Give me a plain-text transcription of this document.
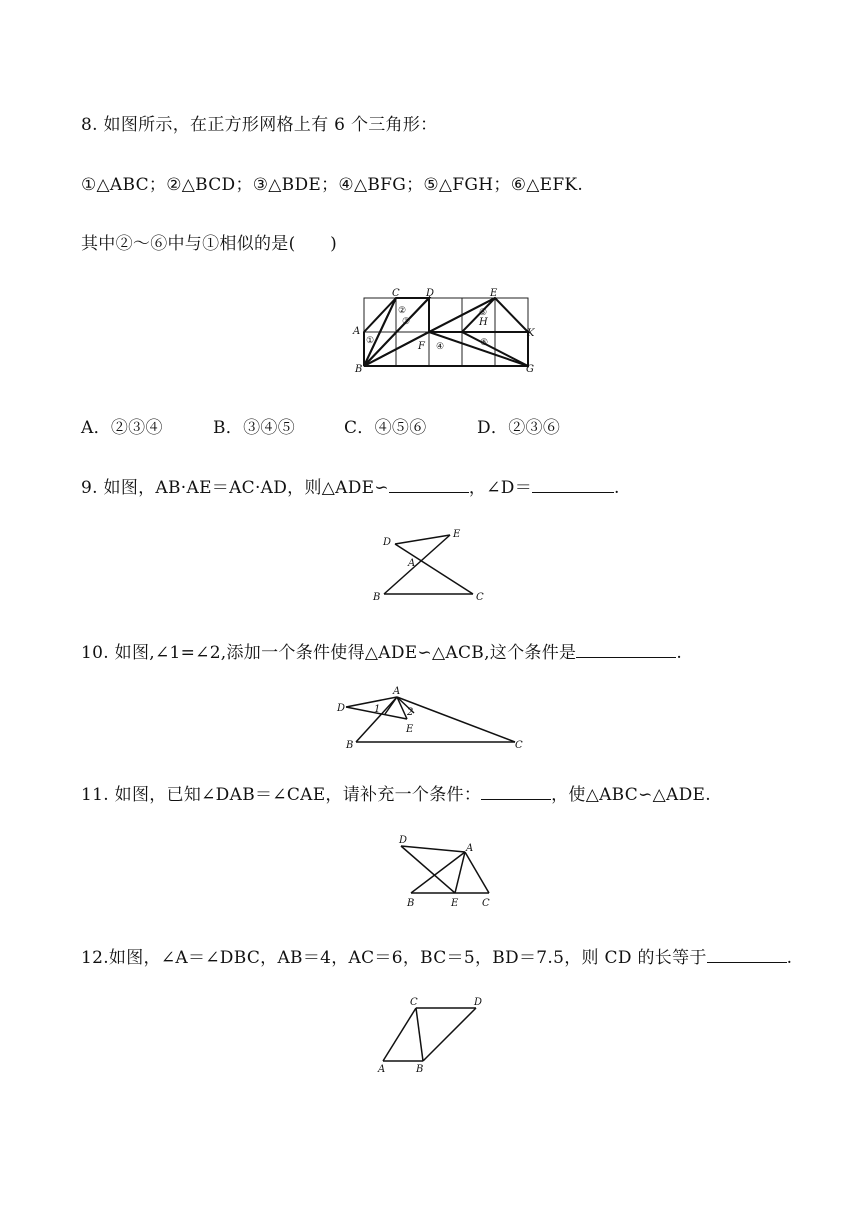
8. 如图所示，在正方形网格上有 6 个三角形：
①△ABC；②△BCD；③△BDE；④△BFG；⑤△FGH；⑥△EFK.
其中②～⑥中与①相似的是(　　)
C	D	E
A
B
F
H
K
G
①
②
③
④	⑤
⑥
A．②③④	B．③④⑤	C．④⑤⑥	D．②③⑥
9. 如图，AB·AE＝AC·AD，则△ADE∽	，∠D＝	.
D
E
A
B	C
10. 如图,∠1=∠2,添加一个条件使得△ADE∽△ACB,这个条件是	.
D
A
E
B	C
1	2
11. 如图，已知∠DAB＝∠CAE，请补充一个条件：	，使△ABC∽△ADE.
D
A
B	E C
12.如图，∠A＝∠DBC，AB＝4，AC＝6，BC＝5，BD＝7.5，则 CD 的长等于	.
C	D
A	B
